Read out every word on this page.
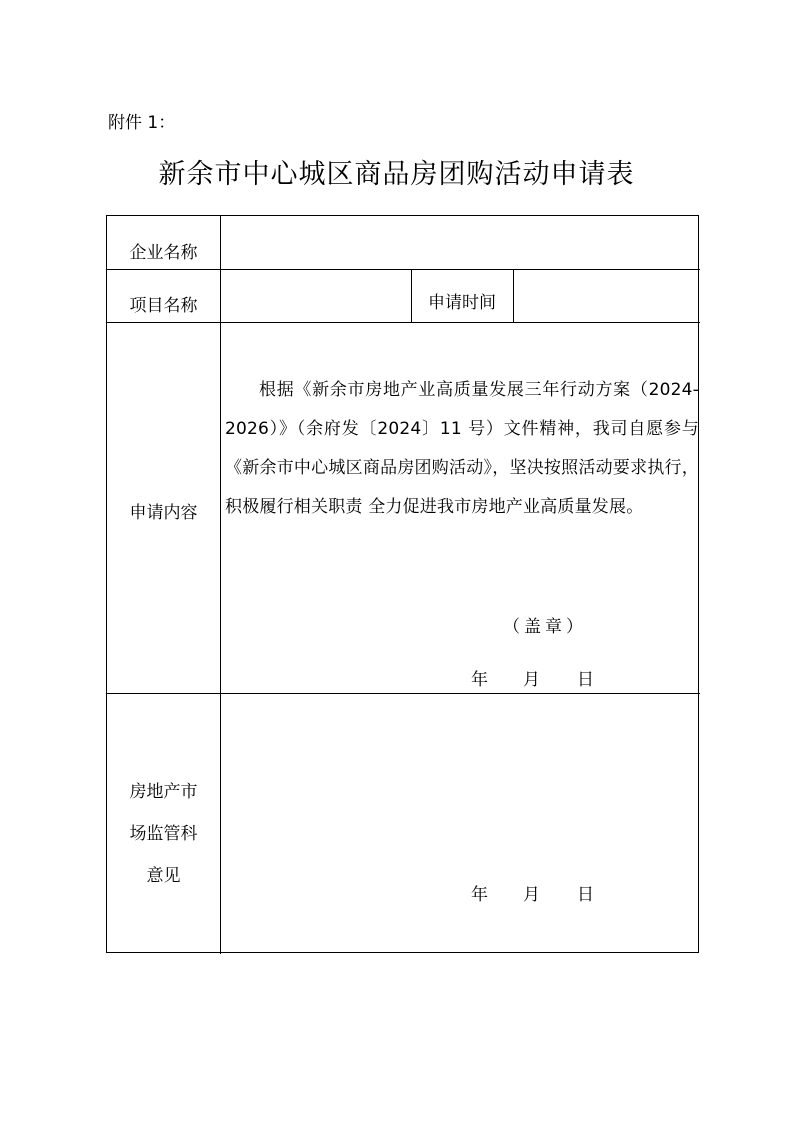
附件 1：
新余市中心城区商品房团购活动申请表
企业名称
项目名称	申请时间
申请内容

根据《新余市房地产业高质量发展三年行动方案（2024-2026）》（余府发〔2024〕11 号）文件精神，我司自愿参与《新余市中心城区商品房团购活动》，坚决按照活动要求执行，积极履行相关职责 全力促进我市房地产业高质量发展。

（盖章）
年 月 日
房地产市
场监管科
意见
年 月 日
